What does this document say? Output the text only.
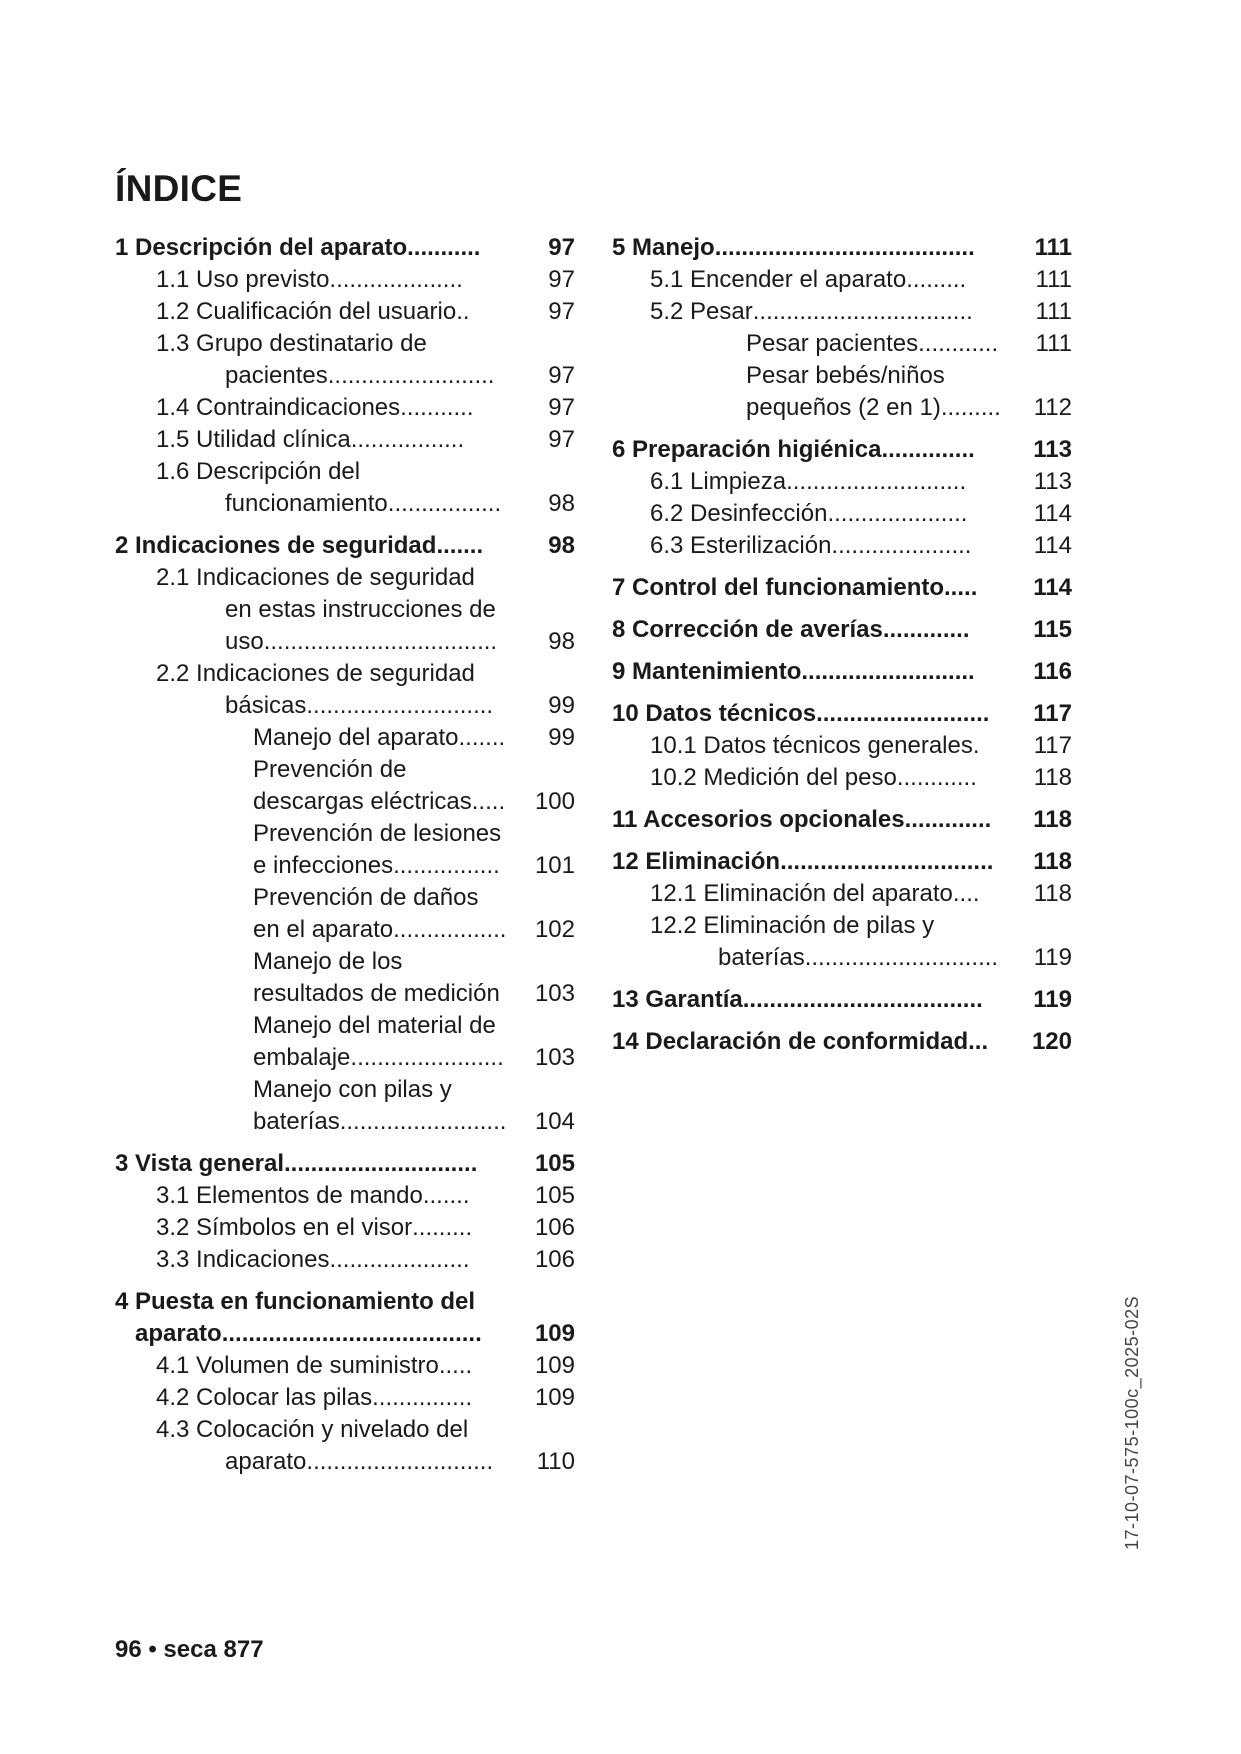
ÍNDICE
1 Descripción del aparato ...........	97
1.1 Uso previsto ....................	97
1.2 Cualificación del usuario ..	97
1.3 Grupo destinatario de
pacientes .........................	97
1.4 Contraindicaciones ...........	97
1.5 Utilidad clínica .................	97
1.6 Descripción del
funcionamiento .................	98
2 Indicaciones de seguridad .......	98
2.1 Indicaciones de seguridad
en estas instrucciones de
uso ...................................	98
2.2 Indicaciones de seguridad
básicas ............................	99
Manejo del aparato .......	99
Prevención de
descargas eléctricas .....	100
Prevención de lesiones
e infecciones ................	101
Prevención de daños
en el aparato .................	102
Manejo de los
resultados de medición 103
Manejo del material de
embalaje .......................	103
Manejo con pilas y
baterías .........................	104
3 Vista general .............................	105
3.1 Elementos de mando .......	105
3.2 Símbolos en el visor .........	106
3.3 Indicaciones .....................	106
4 Puesta en funcionamiento del
aparato .......................................	109
4.1 Volumen de suministro .....	109
4.2 Colocar las pilas ...............	109
4.3 Colocación y nivelado del
aparato ............................	110
5 Manejo .......................................	111
5.1 Encender el aparato .........	111
5.2 Pesar .................................	111
Pesar pacientes ............	111
Pesar bebés/niños
pequeños (2 en 1) .........	112
6 Preparación higiénica ..............	113
6.1 Limpieza ...........................	113
6.2 Desinfección .....................	114
6.3 Esterilización .....................	114
7 Control del funcionamiento .....	114
8 Corrección de averías .............	115
9 Mantenimiento ..........................	116
10 Datos técnicos ..........................	117
10.1 Datos técnicos generales .	117
10.2 Medición del peso ............	118
11 Accesorios opcionales .............	118
12 Eliminación ................................	118
12.1 Eliminación del aparato ....	118
12.2 Eliminación de pilas y
baterías .............................	119
13 Garantía ....................................	119
14 Declaración de conformidad ...	120
96 • seca 877
17-10-07-575-100c_2025-02S
